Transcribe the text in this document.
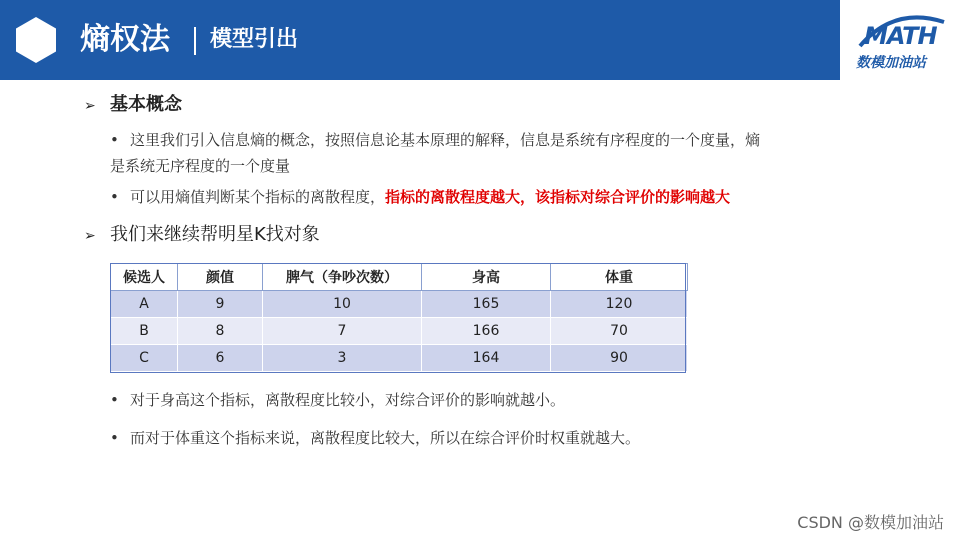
熵权法 模型引出	MATH
数模加油站
➢ 基本概念
• 这里我们引入信息熵的概念，按照信息论基本原理的解释，信息是系统有序程度的一个度量，熵
是系统无序程度的一个度量
• 可以用熵值判断某个指标的离散程度，指标的离散程度越大，该指标对综合评价的影响越大
➢ 我们来继续帮明星K找对象
候选人	颜值	脾气（争吵次数）	身高	体重
A	9	10	165	120
B	8	7	166	70
C	6	3	164	90
• 对于身高这个指标，离散程度比较小，对综合评价的影响就越小。
• 而对于体重这个指标来说，离散程度比较大，所以在综合评价时权重就越大。
CSDN @数模加油站
